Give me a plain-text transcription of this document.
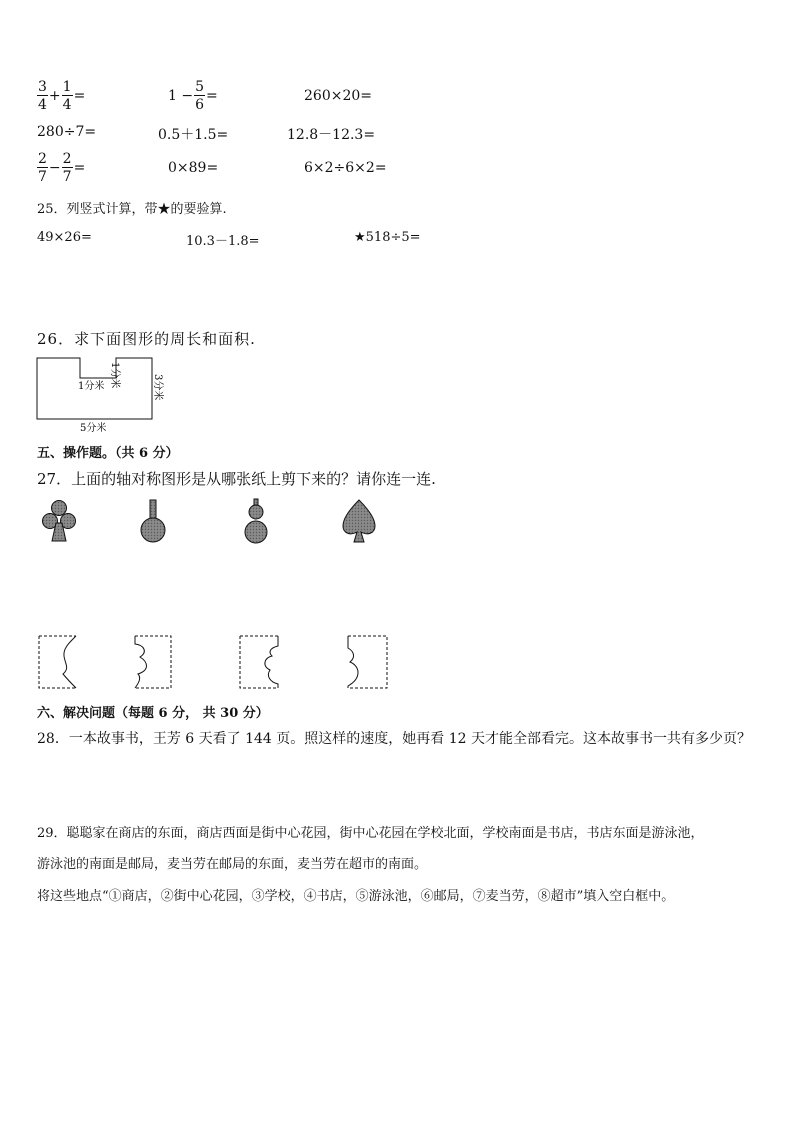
$\frac{3}{4} + \frac{1}{4}$ =	$1 - \frac{5}{6}$ =	260×20=
280÷7=	0.5＋1.5=	12.8－12.3=
$\frac{2}{7} - \frac{2}{7}$ =	0×89=	6×2÷6×2=
25．列竖式计算，带★的要验算.
49×26=	10.3－1.8=	★518÷5=
26．求下面图形的周长和面积.
1分米 1分米	3分米
5分米
五、操作题。（共 6 分）
27．上面的轴对称图形是从哪张纸上剪下来的？请你连一连.
六、解决问题（每题 6 分， 共 30 分）
28．一本故事书，王芳 6 天看了 144 页。照这样的速度，她再看 12 天才能全部看完。这本故事书一共有多少页？
29．聪聪家在商店的东面，商店西面是街中心花园，街中心花园在学校北面，学校南面是书店，书店东面是游泳池，
游泳池的南面是邮局，麦当劳在邮局的东面，麦当劳在超市的南面。
将这些地点“①商店，②街中心花园，③学校，④书店，⑤游泳池，⑥邮局，⑦麦当劳，⑧超市”填入空白框中。
